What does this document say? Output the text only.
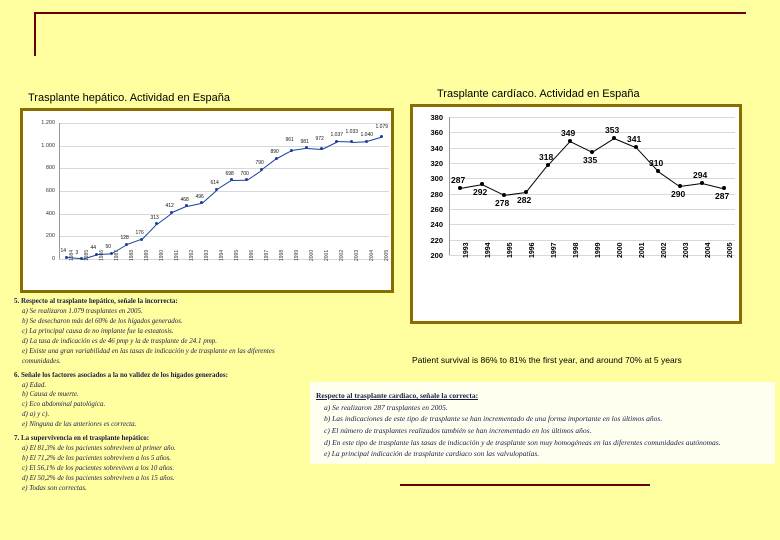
Trasplante hepático. Actividad en España	Trasplante cardíaco. Actividad en España
0
200
400
600
800
1.000
1.200
14 1984 3 1985
44
1986
50
1987
128
1988
176
1989
313
1990
412
1991
468
1992
496
1993
614
1994
698
1995
700
1996
790
1997
890
1998
961
1999
981
2000
972
2001
1.037
2002
1.033
2003
1.040
2004
1.079
2005	200
220
240
260
280
300
320
340
360
380
287
1993
292
1994
278
1995
282
1996
318
1997
349
1998
335
1999
353
2000
341
2001
310
2002
290
2003
294
2004
287
2005
Patient survival is 86% to 81% the first year, and around 70% at 5 years
5. Respecto al trasplante hepático, señale la incorrecta:
a) Se realizaron 1.079 trasplantes en 2005.
b) Se desecharon más del 60% de los hígados generados.
c) La principal causa de no implante fue la esteatosis.
d) La tasa de indicación es de 46 pmp y la de trasplante de 24.1 pmp.
e) Existe una gran variabilidad en las tasas de indicación y de trasplante en las diferentes comunidades.
6. Señale los factores asociados a la no validez de los hígados generados:
a) Edad.
b) Causa de muerte.
c) Eco abdominal patológica.
d) a) y c).
e) Ninguna de las anteriores es correcta.
7. La supervivencia en el trasplante hepático:
a) El 81,3% de los pacientes sobreviven al primer año.
b) El 71,2% de los pacientes sobreviven a los 5 años.
c) El 56,1% de los pacientes sobreviven a los 10 años.
d) El 50,2% de los pacientes sobreviven a los 15 años.
e) Todas son correctas.
Respecto al trasplante cardiaco, señale la correcta:
a) Se realizaron 287 trasplantes en 2005.
b) Las indicaciones de este tipo de trasplante se han incrementado de una forma importante en los últimos años.
c) El número de trasplantes realizados también se han incrementado en los últimos años.
d) En este tipo de trasplante las tasas de indicación y de trasplante son muy homogéneas en las diferentes comunidades autónomas.
e) La principal indicación de trasplante cardiaco son las valvulopatías.
